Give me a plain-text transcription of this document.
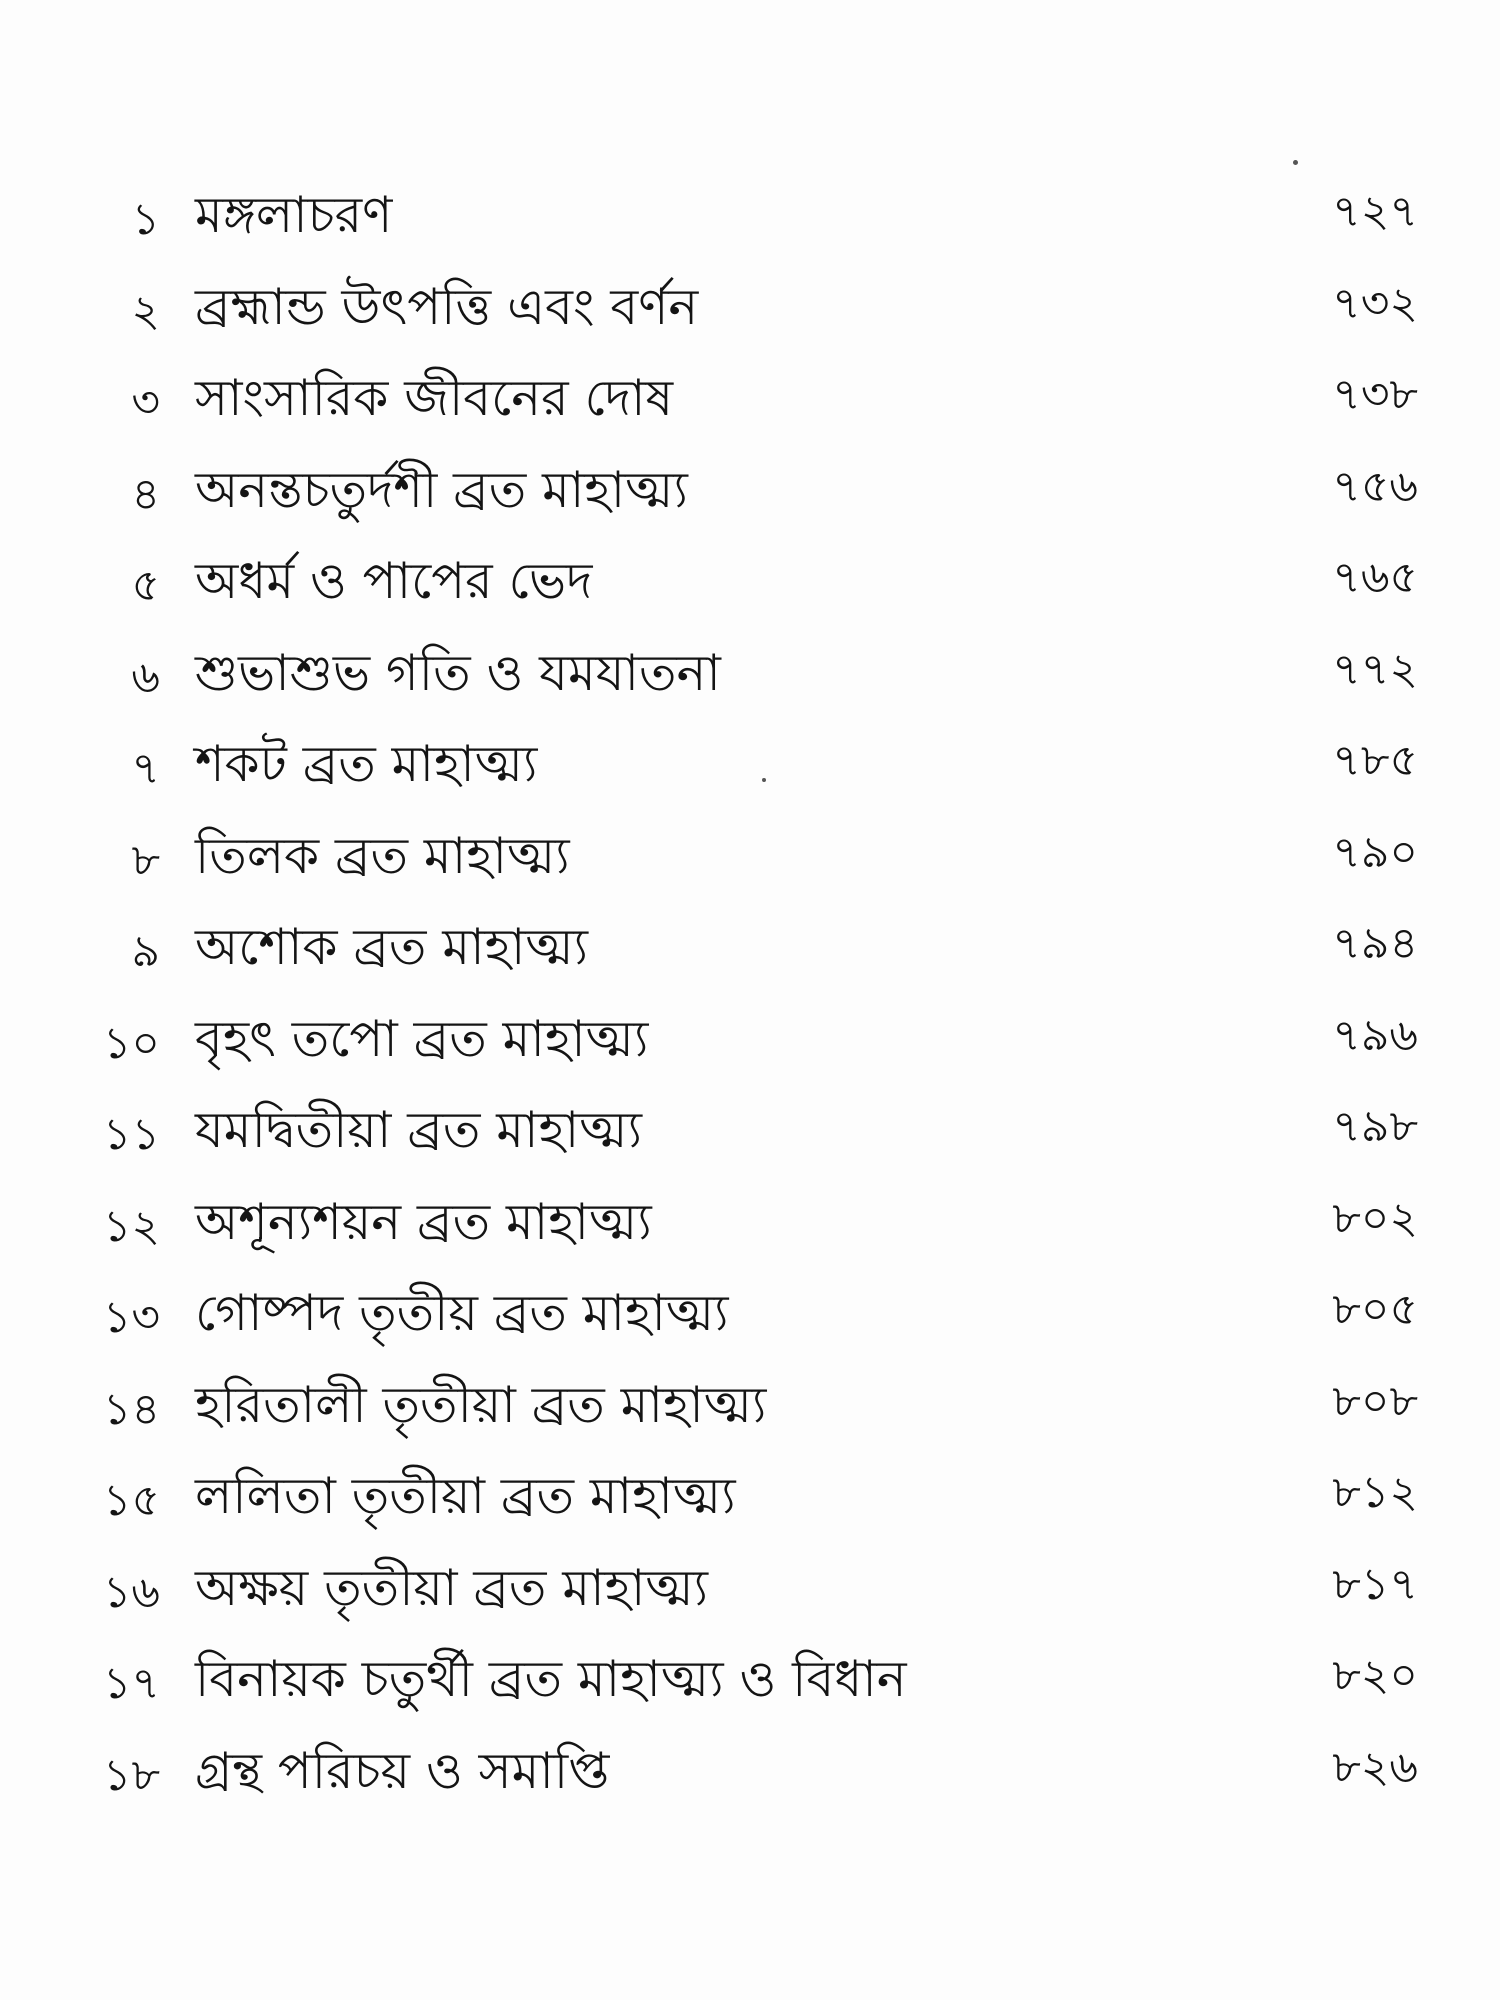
১ মঙ্গলাচরণ	৭২৭
২ ব্রহ্মান্ড উৎপত্তি এবং বর্ণন	৭৩২
৩ সাংসারিক জীবনের দোষ	৭৩৮
৪ অনন্তচতুর্দশী ব্রত মাহাত্ম্য	৭৫৬
৫ অধর্ম ও পাপের ভেদ	৭৬৫
৬ শুভাশুভ গতি ও যমযাতনা	৭৭২
৭ শকট ব্রত মাহাত্ম্য	৭৮৫
৮ তিলক ব্রত মাহাত্ম্য	৭৯০
৯ অশোক ব্রত মাহাত্ম্য	৭৯৪
১০ বৃহৎ তপো ব্রত মাহাত্ম্য	৭৯৬
১১ যমদ্বিতীয়া ব্রত মাহাত্ম্য	৭৯৮
১২ অশূন্যশয়ন ব্রত মাহাত্ম্য	৮০২
১৩ গোষ্পদ তৃতীয় ব্রত মাহাত্ম্য	৮০৫
১৪ হরিতালী তৃতীয়া ব্রত মাহাত্ম্য	৮০৮
১৫ ললিতা তৃতীয়া ব্রত মাহাত্ম্য	৮১২
১৬ অক্ষয় তৃতীয়া ব্রত মাহাত্ম্য	৮১৭
১৭ বিনায়ক চতুর্থী ব্রত মাহাত্ম্য ও বিধান	৮২০
১৮ গ্রন্থ পরিচয় ও সমাপ্তি	৮২৬
